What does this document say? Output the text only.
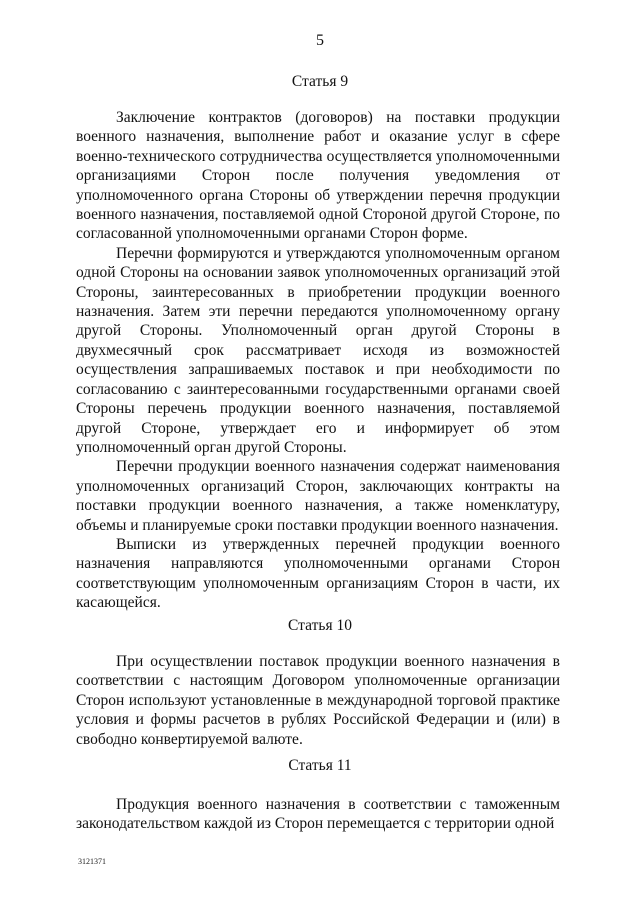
5
Статья 9

Заключение контрактов (договоров) на поставки продукции военного назначения, выполнение работ и оказание услуг в сфере военно-технического сотрудничества осуществляется уполномоченными организациями Сторон после получения уведомления от уполномоченного органа Стороны об утверждении перечня продукции военного назначения, поставляемой одной Стороной другой Стороне, по согласованной уполномоченными органами Сторон форме.

Перечни формируются и утверждаются уполномоченным органом одной Стороны на основании заявок уполномоченных организаций этой Стороны, заинтересованных в приобретении продукции военного назначения. Затем эти перечни передаются уполномоченному органу другой Стороны. Уполномоченный орган другой Стороны в двухмесячный срок рассматривает исходя из возможностей осуществления запрашиваемых поставок и при необходимости по согласованию с заинтересованными государственными органами своей Стороны перечень продукции военного назначения, поставляемой другой Стороне, утверждает его и информирует об этом уполномоченный орган другой Стороны.

Перечни продукции военного назначения содержат наименования уполномоченных организаций Сторон, заключающих контракты на поставки продукции военного назначения, а также номенклатуру, объемы и планируемые сроки поставки продукции военного назначения.

Выписки из утвержденных перечней продукции военного назначения направляются уполномоченными органами Сторон соответствующим уполномоченным организациям Сторон в части, их касающейся.

Статья 10

При осуществлении поставок продукции военного назначения в соответствии с настоящим Договором уполномоченные организации Сторон используют установленные в международной торговой практике условия и формы расчетов в рублях Российской Федерации и (или) в свободно конвертируемой валюте.

Статья 11

Продукция военного назначения в соответствии с таможенным законодательством каждой из Сторон перемещается с территории одной

3121371
